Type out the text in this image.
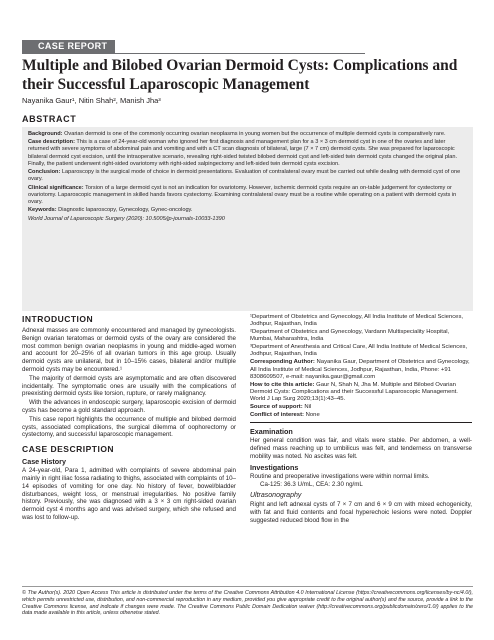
CASE REPORT
Multiple and Bilobed Ovarian Dermoid Cysts: Complications and their Successful Laparoscopic Management
Nayanika Gaur¹, Nitin Shah², Manish Jha³
ABSTRACT

Background: Ovarian dermoid is one of the commonly occurring ovarian neoplasms in young women but the occurrence of multiple dermoid cysts is comparatively rare.

Case description: This is a case of 24-year-old woman who ignored her first diagnosis and management plan for a 3 × 3 cm dermoid cyst in one of the ovaries and later returned with severe symptoms of abdominal pain and vomiting and with a CT scan diagnosis of bilateral, large (7 × 7 cm) dermoid cysts. She was prepared for laparoscopic bilateral dermoid cyst excision, until the intraoperative scenario, revealing right-sided twisted bilobed dermoid cyst and left-sided twin dermoid cysts changed the original plan. Finally, the patient underwent right-sided ovariotomy with right-sided salpingectomy and left-sided twin dermoid cysts excision.

Conclusion: Laparoscopy is the surgical mode of choice in dermoid presentations. Evaluation of contralateral ovary must be carried out while dealing with dermoid cyst of one ovary.

Clinical significance: Torsion of a large dermoid cyst is not an indication for ovariotomy. However, ischemic dermoid cysts require an on-table judgement for cystectomy or ovariotomy. Laparoscopic management in skilled hands favors cystectomy. Examining contralateral ovary must be a routine while operating on a patient with dermoid cysts in ovary.

Keywords: Diagnostic laparoscopy, Gynecology, Gynec-oncology.

World Journal of Laparoscopic Surgery (2020): 10.5005/jp-journals-10033-1390

INTRODUCTION

Adnexal masses are commonly encountered and managed by gynecologists. Benign ovarian teratomas or dermoid cysts of the ovary are considered the most common benign ovarian neoplasms in young and middle-aged women and account for 20–25% of all ovarian tumors in this age group. Usually dermoid cysts are unilateral, but in 10–15% cases, bilateral and/or multiple dermoid cysts may be encountered.¹

The majority of dermoid cysts are asymptomatic and are often discovered incidentally. The symptomatic ones are usually with the complications of preexisting dermoid cysts like torsion, rupture, or rarely malignancy.

With the advances in endoscopic surgery, laparoscopic excision of dermoid cysts has become a gold standard approach.

This case report highlights the occurrence of multiple and bilobed dermoid cysts, associated complications, the surgical dilemma of oophorectomy or cystectomy, and successful laparoscopic management.

CASE DESCRIPTION
Case History

A 24-year-old, Para 1, admitted with complaints of severe abdominal pain mainly in right iliac fossa radiating to thighs, associated with complaints of 10–14 episodes of vomiting for one day. No history of fever, bowel/bladder disturbances, weight loss, or menstrual irregularities. No positive family history. Previously, she was diagnosed with a 3 × 3 cm right-sided ovarian dermoid cyst 4 months ago and was advised surgery, which she refused and was lost to follow-up.

¹Department of Obstetrics and Gynecology, All India Institute of Medical Sciences, Jodhpur, Rajasthan, India
²Department of Obstetrics and Gynecology, Vardann Multispeciality Hospital, Mumbai, Maharashtra, India
³Department of Anesthesia and Critical Care, All India Institute of Medical Sciences, Jodhpur, Rajasthan, India
Corresponding Author: Nayanika Gaur, Department of Obstetrics and Gynecology, All India Institute of Medical Sciences, Jodhpur, Rajasthan, India, Phone: +91 8308609507, e-mail: nayanika.gaur@gmail.com
How to cite this article: Gaur N, Shah N, Jha M. Multiple and Bilobed Ovarian Dermoid Cysts: Complications and their Successful Laparoscopic Management. World J Lap Surg 2020;13(1):43–45.
Source of support: Nil
Conflict of interest: None
Examination

Her general condition was fair, and vitals were stable. Per abdomen, a well-defined mass reaching up to umbilicus was felt, and tenderness on transverse mobility was noted. No ascites was felt.

Investigations

Routine and preoperative investigations were within normal limits.

Ca-125: 36.3 U/mL, CEA: 2.30 ng/mL

Ultrasonography

Right and left adnexal cysts of 7 × 7 cm and 6 × 9 cm with mixed echogenicity, with fat and fluid contents and focal hyperechoic lesions were noted. Doppler suggested reduced blood flow in the

© The Author(s). 2020 Open Access This article is distributed under the terms of the Creative Commons Attribution 4.0 International License (https://creativecommons.org/licenses/by-nc/4.0/), which permits unrestricted use, distribution, and non-commercial reproduction in any medium, provided you give appropriate credit to the original author(s) and the source, provide a link to the Creative Commons license, and indicate if changes were made. The Creative Commons Public Domain Dedication waiver (http://creativecommons.org/publicdomain/zero/1.0/) applies to the data made available in this article, unless otherwise stated.
